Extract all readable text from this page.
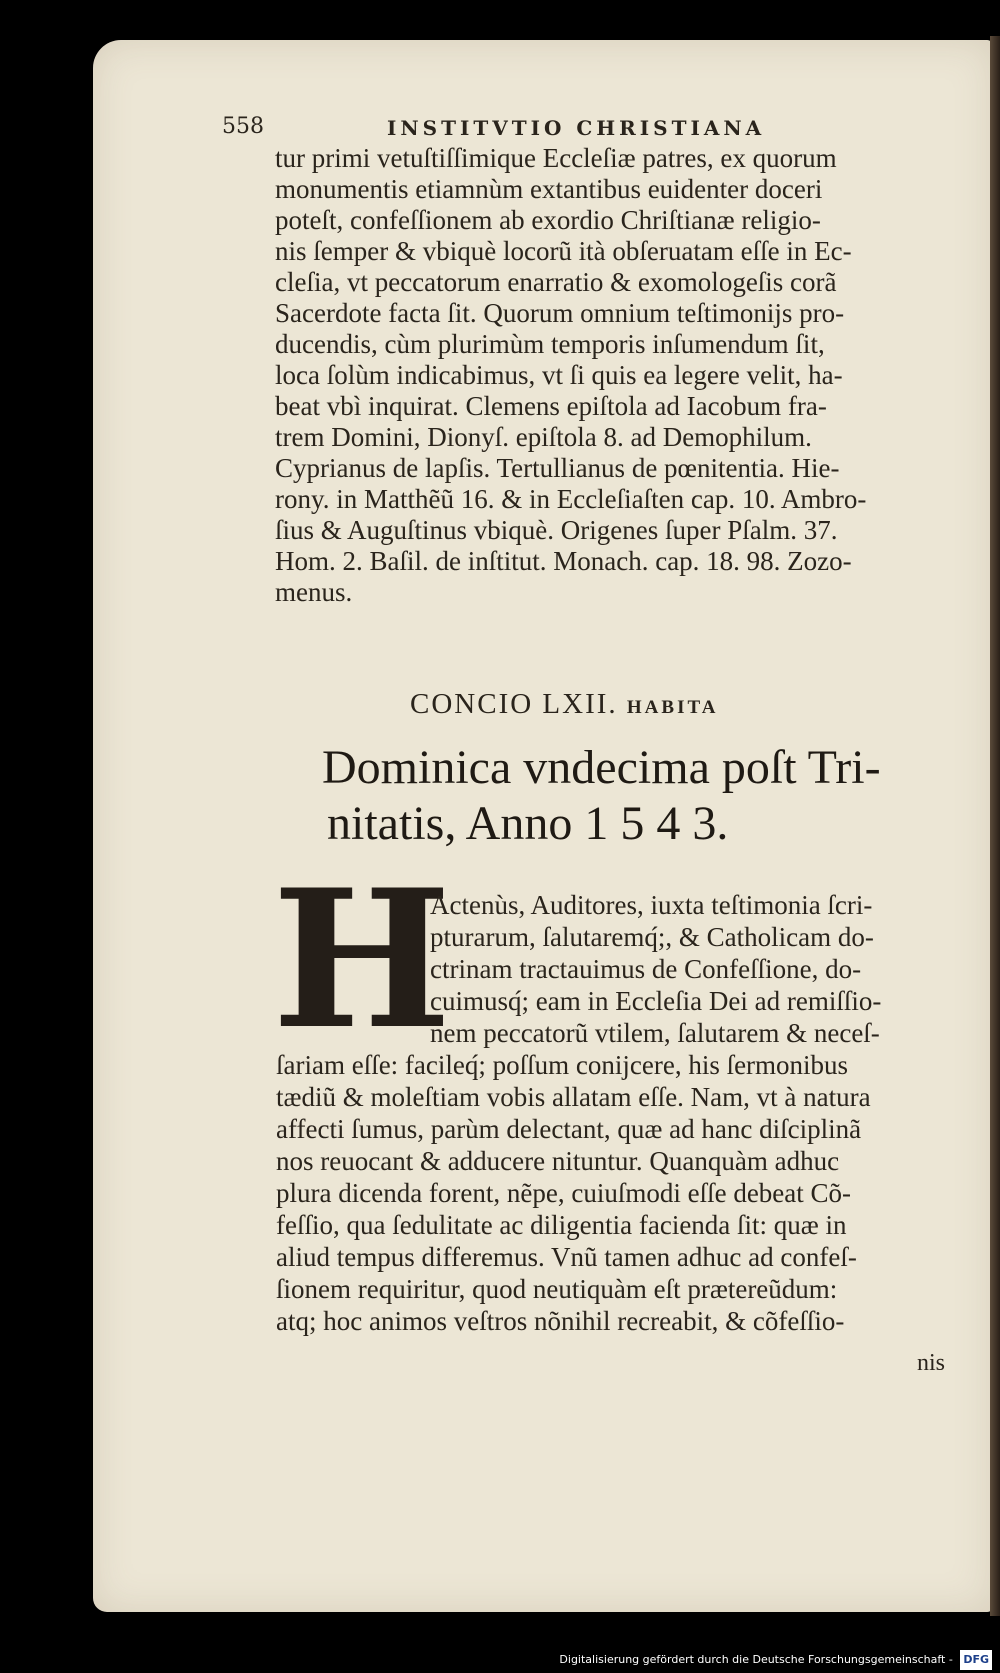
558	INSTITVTIO CHRISTIANA
tur primi vetuſtiſſimique Eccleſiæ patres, ex quorum
monumentis etiamnùm extantibus euidenter doceri
poteſt, confeſſionem ab exordio Chriſtianæ religio-
nis ſemper & vbiquè locorũ ità obſeruatam eſſe in Ec-
cleſia, vt peccatorum enarratio & exomologeſis corã
Sacerdote facta ſit. Quorum omnium teſtimonijs pro-
ducendis, cùm plurimùm temporis inſumendum ſit,
loca ſolùm indicabimus, vt ſi quis ea legere velit, ha-
beat vbì inquirat. Clemens epiſtola ad Iacobum fra-
trem Domini, Dionyſ. epiſtola 8. ad Demophilum.
Cyprianus de lapſis. Tertullianus de pœnitentia. Hie-
rony. in Matthẽũ 16. & in Eccleſiaſten cap. 10. Ambro-
ſius & Auguſtinus vbiquè. Origenes ſuper Pſalm. 37.
Hom. 2. Baſil. de inſtitut. Monach. cap. 18. 98. Zozo-
menus.
CONCIO LXII. HABITA
Dominica vndecima poſt Tri-
nitatis, Anno 1 5 4 3.
H
Actenùs, Auditores, iuxta teſtimonia ſcri-
pturarum, ſalutaremq́;, & Catholicam do-
ctrinam tractauimus de Confeſſione, do-
cuimusq́; eam in Eccleſia Dei ad remiſſio-
nem peccatorũ vtilem, ſalutarem & neceſ-
ſariam eſſe: facileq́; poſſum conijcere, his ſermonibus
tædiũ & moleſtiam vobis allatam eſſe. Nam, vt à natura
affecti ſumus, parùm delectant, quæ ad hanc diſciplinã
nos reuocant & adducere nituntur. Quanquàm adhuc
plura dicenda forent, nẽpe, cuiuſmodi eſſe debeat Cõ-
feſſio, qua ſedulitate ac diligentia facienda ſit: quæ in
aliud tempus differemus. Vnũ tamen adhuc ad confeſ-
ſionem requiritur, quod neutiquàm eſt prætereũdum:
atq; hoc animos veſtros nõnihil recreabit, & cõfeſſio-
nis
Digitalisierung gefördert durch die Deutsche Forschungsgemeinschaft - DFG
